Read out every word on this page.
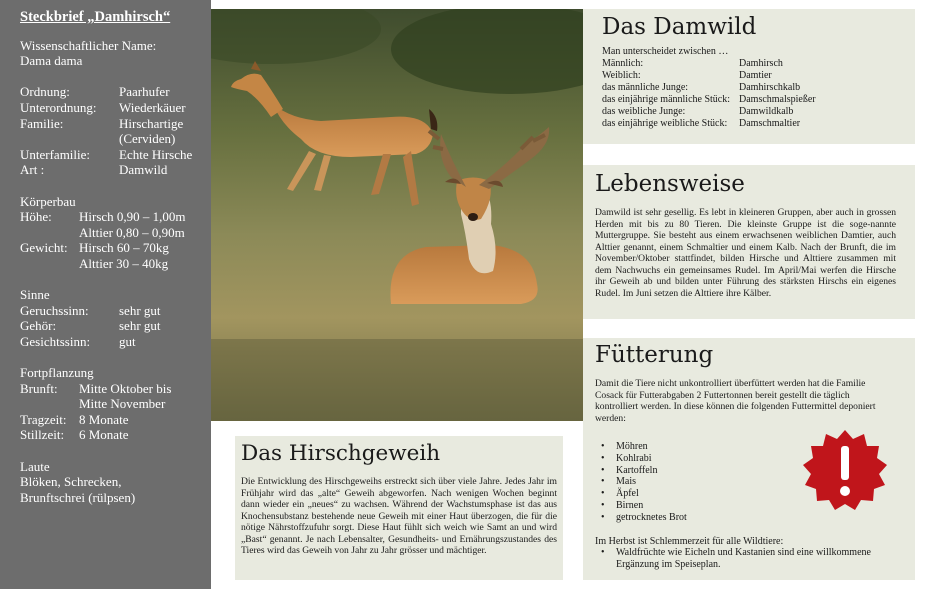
Steckbrief „Damhirsch“
Wissenschaftlicher Name:
Dama dama
Ordnung:	Paarhufer
Unterordnung:	Wiederkäuer
Familie:	Hirschartige
(Cerviden)
Unterfamilie:	Echte Hirsche
Art :	Damwild
Körperbau
Höhe:	Hirsch 0,90 – 1,00m
Alttier 0,80 – 0,90m
Gewicht: Hirsch 60 – 70kg
Alttier 30 – 40kg
Sinne
Geruchssinn:	sehr gut
Gehör:	sehr gut
Gesichtssinn:	gut
Fortpflanzung
Brunft:	Mitte Oktober bis
Mitte November
Tragzeit: 8 Monate
Stillzeit:	6 Monate
Laute
Blöken, Schrecken,
Brunftschrei (rülpsen)
Das Damwild
Man unterscheidet zwischen …
Männlich:	Damhirsch
Weiblich:	Damtier
das männliche Junge:	Damhirschkalb
das einjährige männliche Stück: Damschmalspießer
das weibliche Junge:	Damwildkalb
das einjährige weibliche Stück:	Damschmaltier
Lebensweise
Damwild ist sehr gesellig. Es lebt in kleineren Gruppen, aber auch in grossen Herden mit bis zu 80 Tieren. Die kleinste Gruppe ist die soge-nannte Muttergruppe. Sie besteht aus einem erwachsenen weiblichen Damtier, auch Alttier genannt, einem Schmaltier und einem Kalb. Nach der Brunft, die im November/Oktober stattfindet, bilden Hirsche und Alttiere zusammen mit dem Nachwuchs ein gemeinsames Rudel. Im April/Mai werfen die Hirsche ihr Geweih ab und bilden unter Führung des stärksten Hirschs ein eigenes Rudel. Im Juni setzen die Alttiere ihre Kälber.
Fütterung
Damit die Tiere nicht unkontrolliert überfüttert werden hat die Familie Cosack für Futterabgaben 2 Futtertonnen bereit gestellt die täglich kontrolliert werden. In diese können die folgenden Futtermittel deponiert werden:
•	Möhren
•	Kohlrabi
•	Kartoffeln
•	Mais
•	Äpfel
•	Birnen
•	getrocknetes Brot
Im Herbst ist Schlemmerzeit für alle Wildtiere:
•	Waldfrüchte wie Eicheln und Kastanien sind eine willkommene Ergänzung im Speiseplan.
Das Hirschgeweih
Die Entwicklung des Hirschgeweihs erstreckt sich über viele Jahre. Jedes Jahr im Frühjahr wird das „alte“ Geweih abgeworfen. Nach wenigen Wochen beginnt dann wieder ein „neues“ zu wachsen. Während der Wachstumsphase ist das aus Knochensubstanz bestehende neue Geweih mit einer Haut überzogen, die für die nötige Nährstoffzufuhr sorgt. Diese Haut fühlt sich weich wie Samt an und wird „Bast“ genannt. Je nach Lebensalter, Gesundheits- und Ernährungszustandes des Tieres wird das Geweih von Jahr zu Jahr grösser und mächtiger.
